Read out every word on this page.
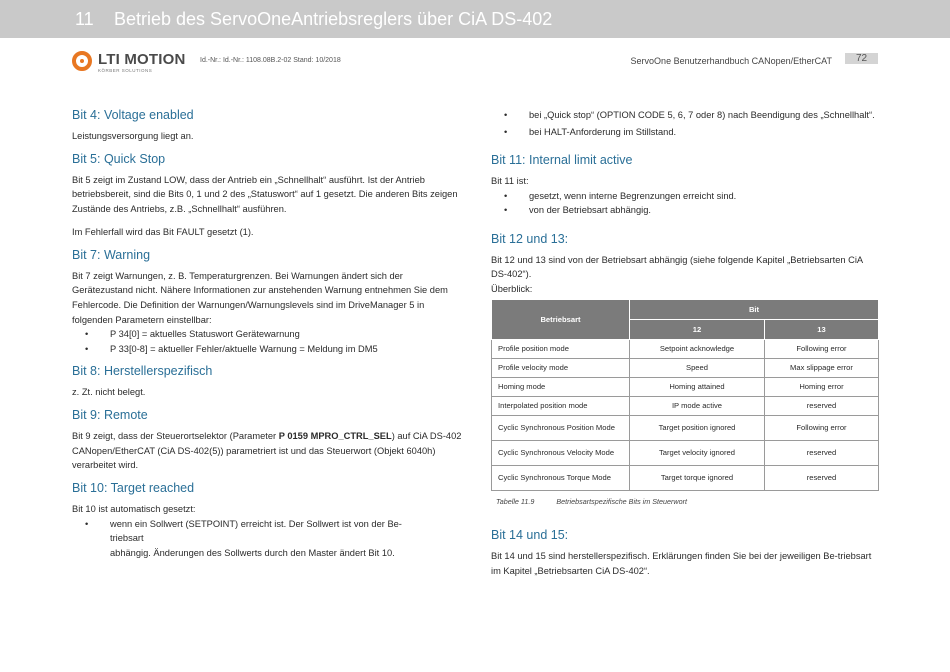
11 Betrieb des ServoOneAntriebsreglers über CiA DS-402
LTI MOTION
KÖRBER SOLUTIONS
Id.-Nr.: Id.-Nr.: 1108.08B.2-02 Stand: 10/2018	ServoOne Benutzerhandbuch CANopen/EtherCAT	72
Bit 4: Voltage enabled

Leistungsversorgung liegt an.

Bit 5: Quick Stop

Bit 5 zeigt im Zustand LOW, dass der Antrieb ein „Schnellhalt“ ausführt. Ist der Antrieb betriebsbereit, sind die Bits 0, 1 und 2 des „Statuswort“ auf 1 gesetzt. Die anderen Bits zeigen Zustände des Antriebs, z.B. „Schnellhalt“ ausführen.

Im Fehlerfall wird das Bit FAULT gesetzt (1).

Bit 7: Warning

Bit 7 zeigt Warnungen, z. B. Temperaturgrenzen. Bei Warnungen ändert sich der Gerätezustand nicht. Nähere Informationen zur anstehenden Warnung entnehmen Sie dem Fehlercode. Die Definition der Warnungen/Warnungslevels sind im DriveManager 5 in folgenden Parametern einstellbar:

• P 34[0] = aktuelles Statuswort Gerätewarnung
• P 33[0-8] = aktueller Fehler/aktuelle Warnung = Meldung im DM5
Bit 8: Herstellerspezifisch

z. Zt. nicht belegt.

Bit 9: Remote

Bit 9 zeigt, dass der Steuerortselektor (Parameter P 0159 MPRO_CTRL_SEL) auf CiA DS-402 CANopen/EtherCAT (CiA DS-402(5)) parametriert ist und das Steuerwort (Objekt 6040h) verarbeitet wird.

Bit 10: Target reached

Bit 10 ist automatisch gesetzt:

• wenn ein Sollwert (SETPOINT) erreicht ist. Der Sollwert ist von der Be-
triebsart
abhängig. Änderungen des Sollwerts durch den Master ändert Bit 10.
• bei „Quick stop“ (OPTION CODE 5, 6, 7 oder 8) nach Beendigung des „Schnellhalt“.
• bei HALT-Anforderung im Stillstand.
Bit 11: Internal limit active

Bit 11 ist:

• gesetzt, wenn interne Begrenzungen erreicht sind.
• von der Betriebsart abhängig.
Bit 12 und 13:

Bit 12 und 13 sind von der Betriebsart abhängig (siehe folgende Kapitel „Betriebsarten CiA DS-402“).

Überblick:

Betriebsart	Bit	
	12	13
Profile position mode	Setpoint acknowledge	Following error
Profile velocity mode	Speed	Max slippage error
Homing mode	Homing attained	Homing error
Interpolated position mode	IP mode active	reserved
Cyclic Synchronous Position Mode	Target position ignored	Following error
Cyclic Synchronous Velocity Mode	Target velocity ignored	reserved
Cyclic Synchronous Torque Mode	Target torque ignored	reserved
Tabelle 11.9	Betriebsartspezifische Bits im Steuerwort
Bit 14 und 15:

Bit 14 und 15 sind herstellerspezifisch. Erklärungen finden Sie bei der jeweiligen Be-triebsart im Kapitel „Betriebsarten CiA DS-402“.
